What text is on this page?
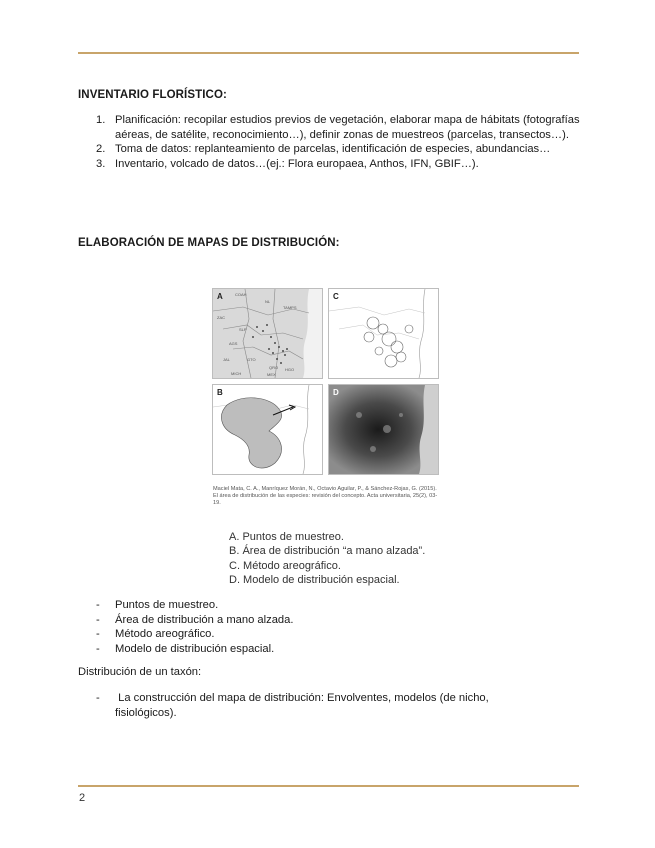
INVENTARIO FLORÍSTICO:
1. Planificación: recopilar estudios previos de vegetación, elaborar mapa de hábitats (fotografías aéreas, de satélite, reconocimiento…), definir zonas de muestreos (parcelas, transectos…).
2. Toma de datos: replanteamiento de parcelas, identificación de especies, abundancias…
3. Inventario, volcado de datos…(ej.: Flora europaea, Anthos, IFN, GBIF…).
ELABORACIÓN DE MAPAS DE DISTRIBUCIÓN:
COAH
NL
TAMPS
ZAC
SLP
AGS
JAL	GTO
QRO
MICH	MEX
HGO
A	C
B	D
Maciel Mata, C. A., Manríquez Morán, N., Octavio Aguilar, P., & Sánchez-Rojas, G. (2015). El área de distribución de las especies: revisión del concepto. Acta universitaria, 25(2), 03-19.
A. Puntos de muestreo.
B. Área de distribución “a mano alzada”.
C. Método areográfico.
D. Modelo de distribución espacial.
-	Puntos de muestreo.
-	Área de distribución a mano alzada.
-	Método areográfico.
-	Modelo de distribución espacial.
Distribución de un taxón:
-	La construcción del mapa de distribución: Envolventes, modelos (de nicho, fisiológicos).
2
